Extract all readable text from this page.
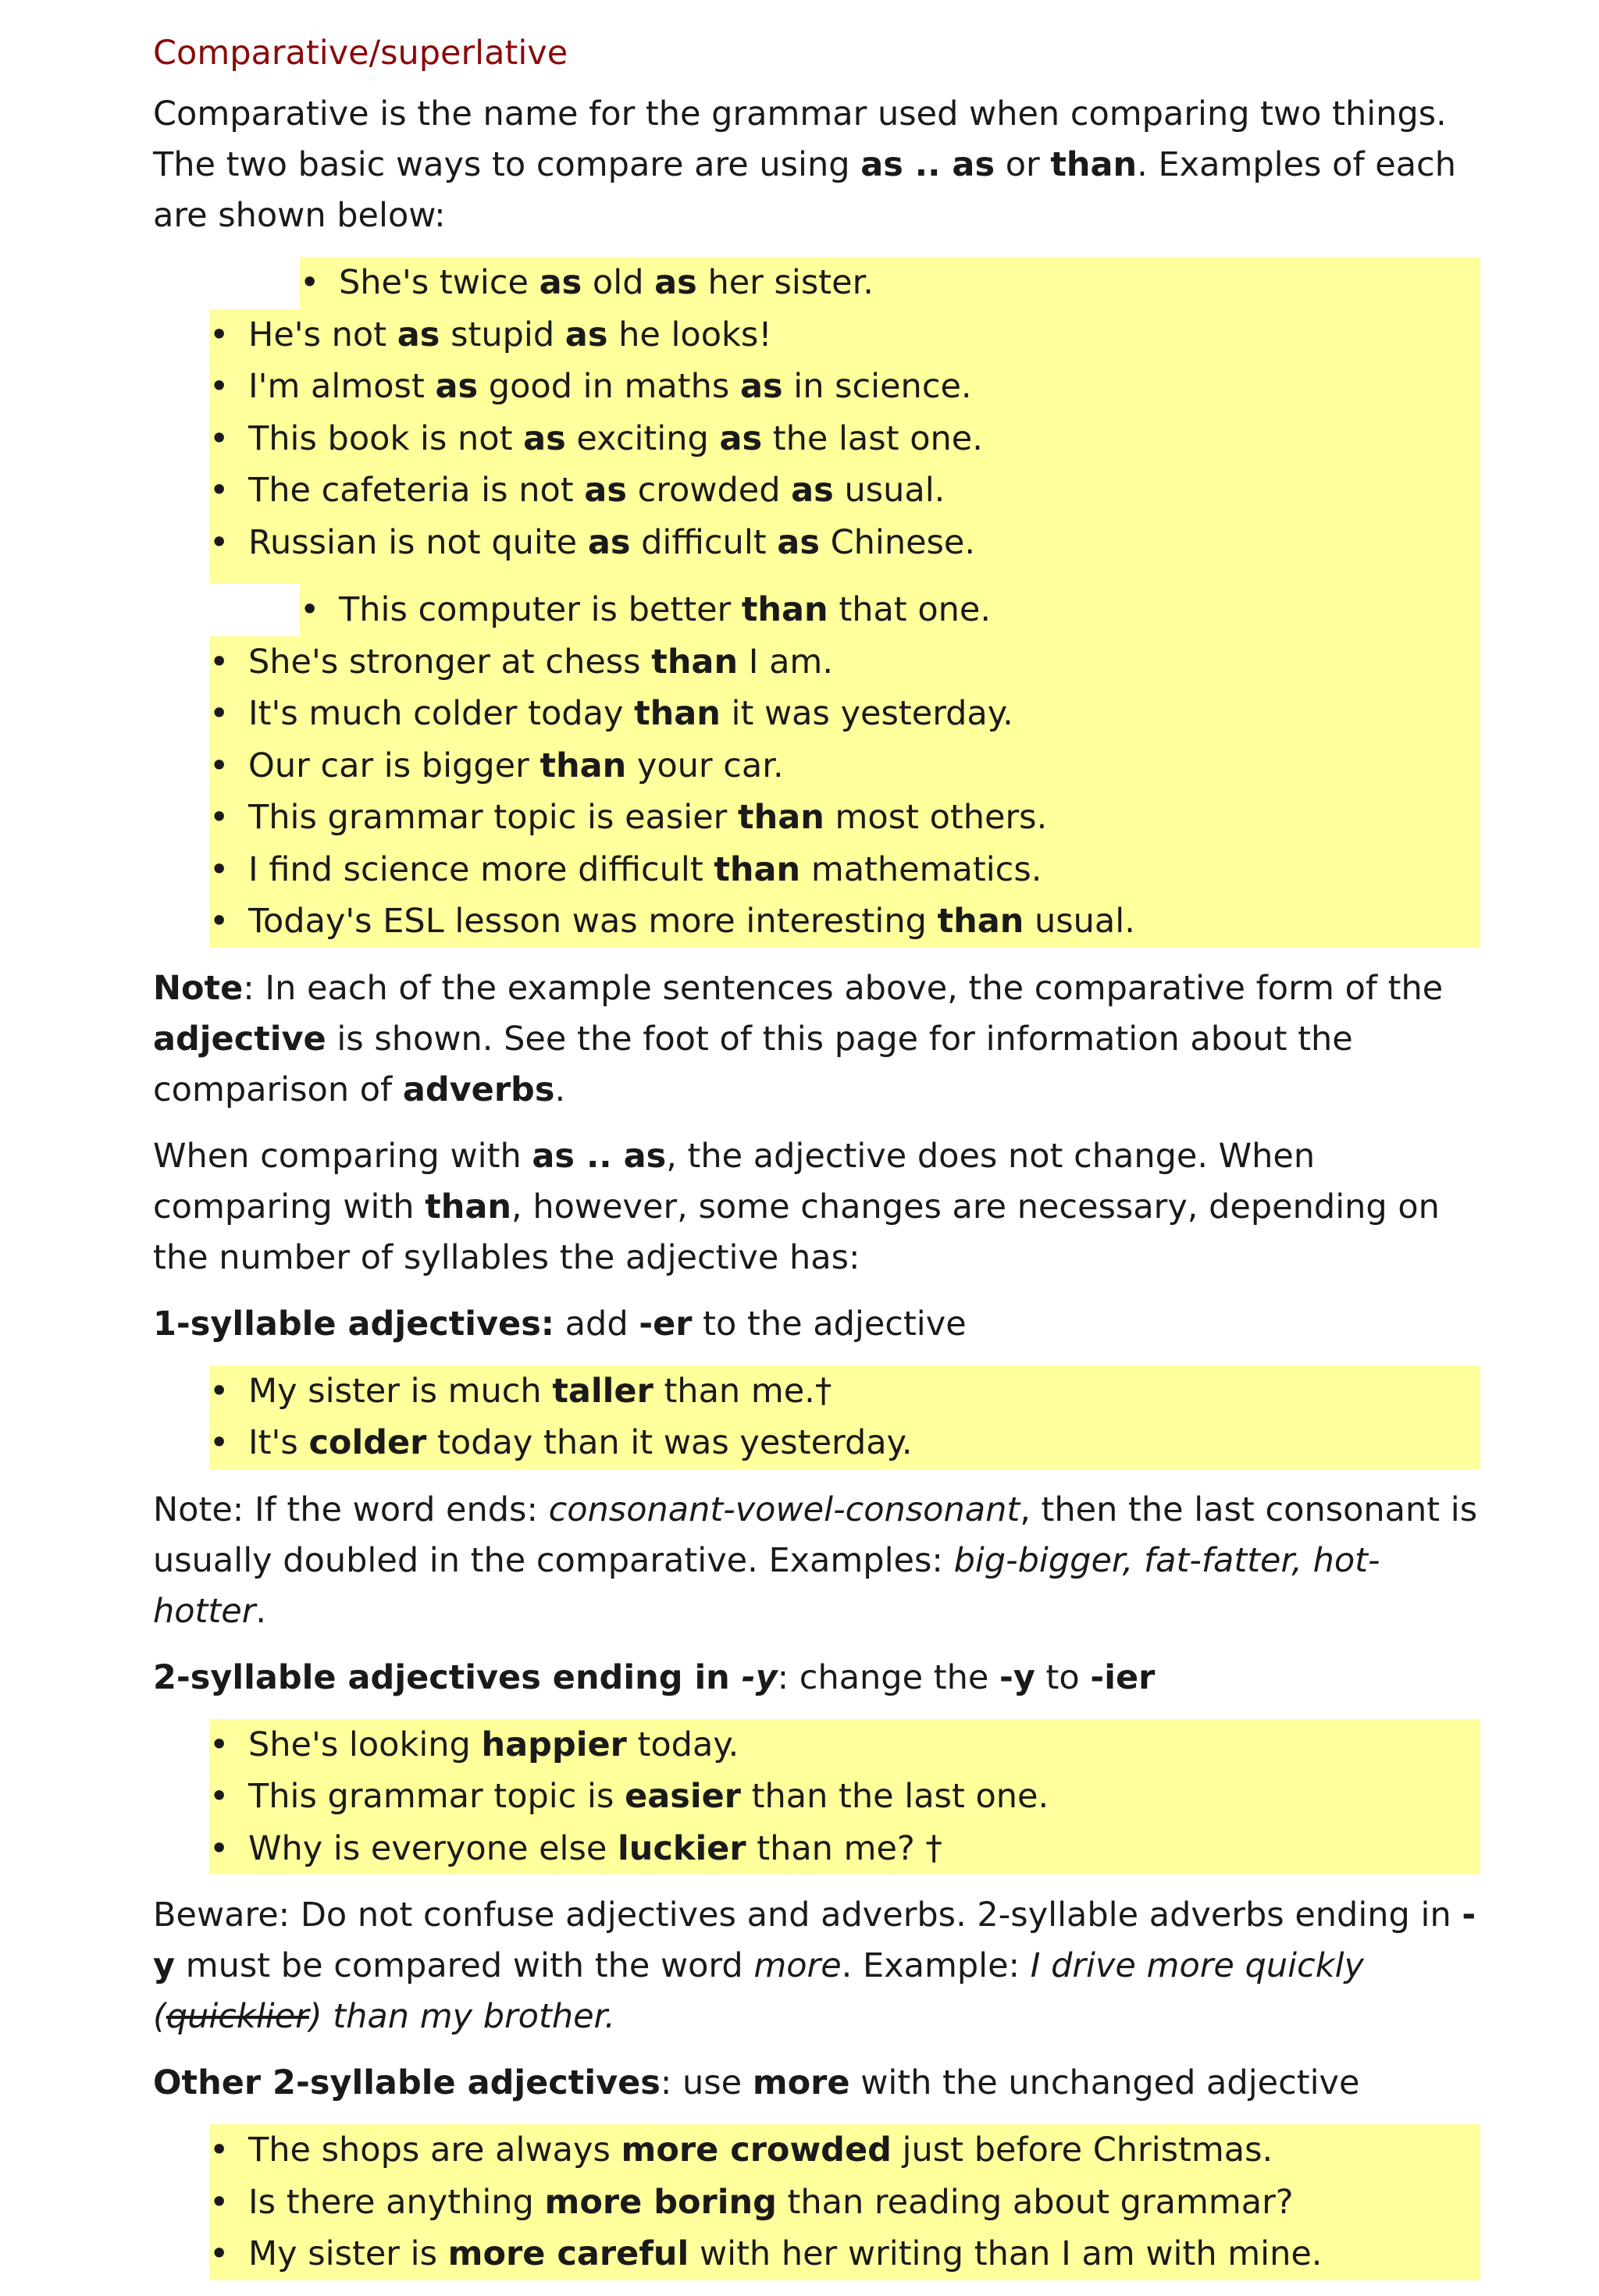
Comparative/superlative

Comparative is the name for the grammar used when comparing two things. The two basic ways to compare are using as .. as or than. Examples of each are shown below:

• She's twice as old as her sister.
• He's not as stupid as he looks!
• I'm almost as good in maths as in science.
• This book is not as exciting as the last one.
• The cafeteria is not as crowded as usual.
• Russian is not quite as difficult as Chinese.
• This computer is better than that one.
• She's stronger at chess than I am.
• It's much colder today than it was yesterday.
• Our car is bigger than your car.
• This grammar topic is easier than most others.
• I find science more difficult than mathematics.
• Today's ESL lesson was more interesting than usual.

Note: In each of the example sentences above, the comparative form of the adjective is shown. See the foot of this page for information about the comparison of adverbs.

When comparing with as .. as, the adjective does not change. When comparing with than, however, some changes are necessary, depending on the number of syllables the adjective has:

1-syllable adjectives: add -er to the adjective

• My sister is much taller than me.†
• It's colder today than it was yesterday.

Note: If the word ends: consonant-vowel-consonant, then the last consonant is usually doubled in the comparative. Examples: big-bigger, fat-fatter, hot-hotter.

2-syllable adjectives ending in -y: change the -y to -ier

• She's looking happier today.
• This grammar topic is easier than the last one.
• Why is everyone else luckier than me? †

Beware: Do not confuse adjectives and adverbs. 2-syllable adverbs ending in -y must be compared with the word more. Example: I drive more quickly (quicklier) than my brother.

Other 2-syllable adjectives: use more with the unchanged adjective

• The shops are always more crowded just before Christmas.
• Is there anything more boring than reading about grammar?
• My sister is more careful with her writing than I am with mine.
